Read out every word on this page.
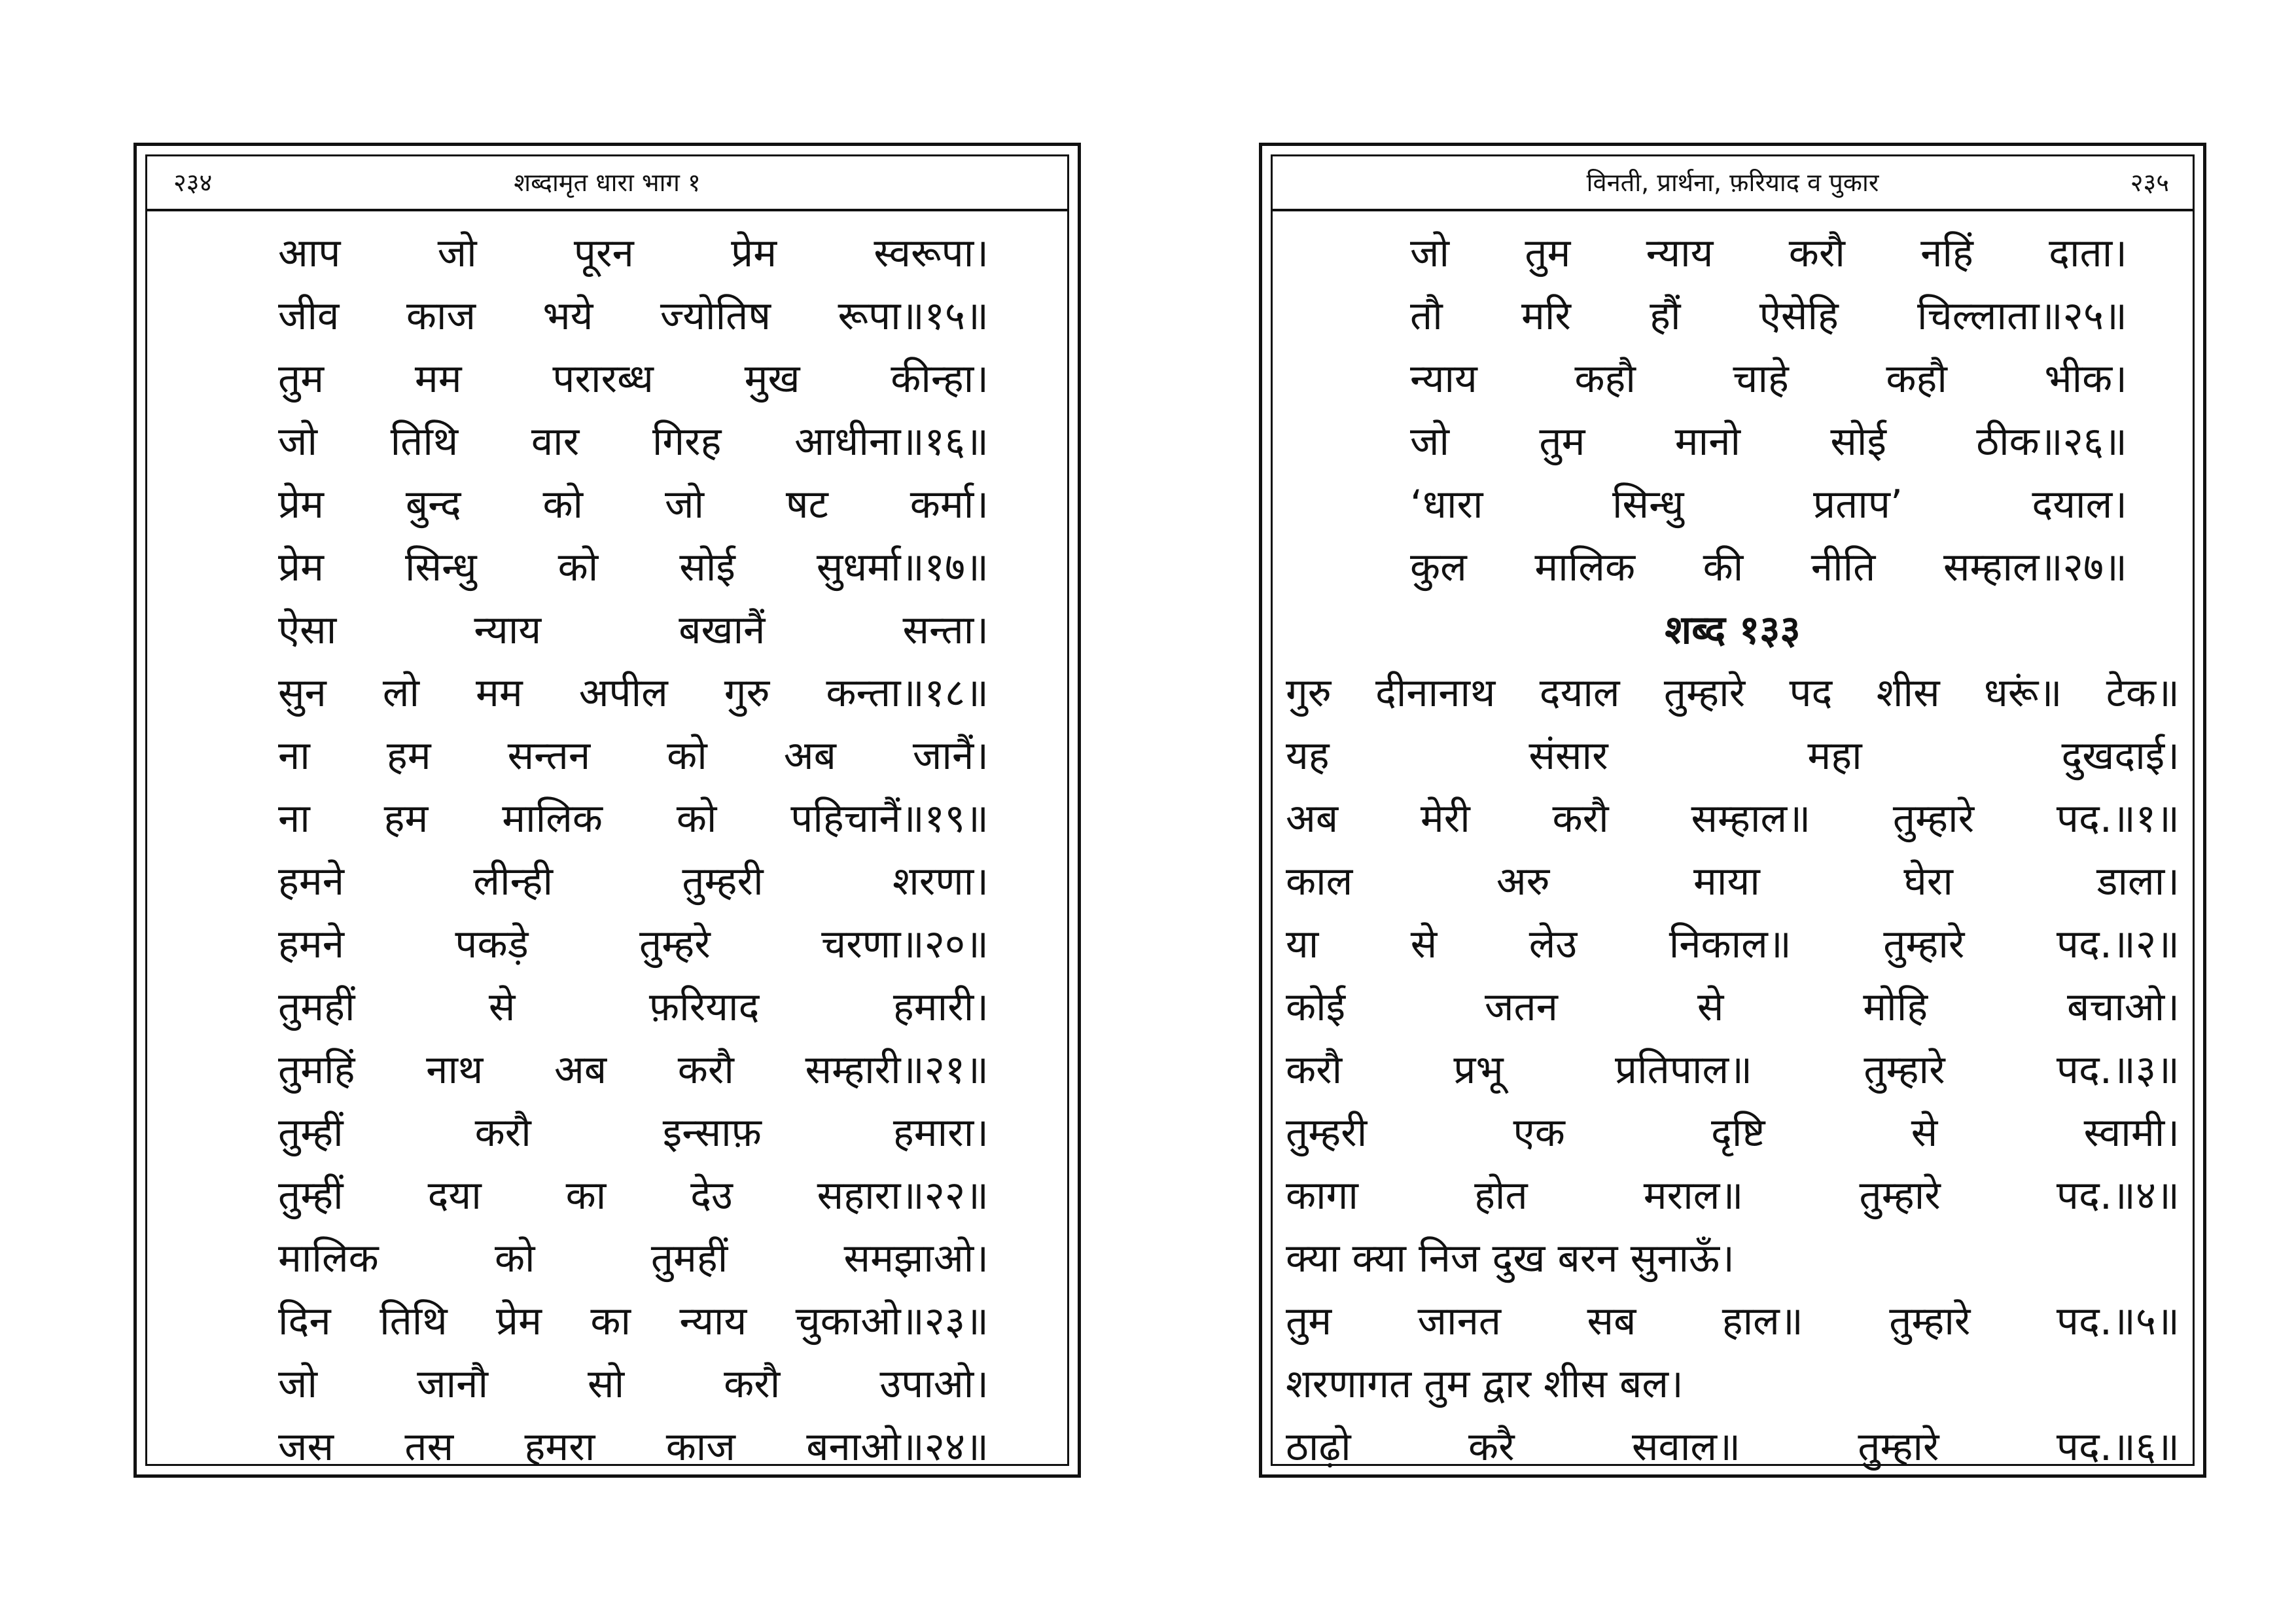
शब्दामृत धारा भाग १
२३४
आप जो पूरन प्रेम स्वरूपा।
जीव काज भये ज्योतिष रूपा॥१५॥
तुम मम परारब्ध मुख कीन्हा।
जो तिथि वार गिरह आधीना॥१६॥
प्रेम बुन्द को जो षट कर्मा।
प्रेम सिन्धु को सोई सुधर्मा॥१७॥
ऐसा न्याय बखानैं सन्ता।
सुन लो मम अपील गुरु कन्ता॥१८॥
ना हम सन्तन को अब जानैं।
ना हम मालिक को पहिचानैं॥१९॥
हमने लीन्ही तुम्हरी शरणा।
हमने पकड़े तुम्हरे चरणा॥२०॥
तुमहीं से फ़रियाद हमारी।
तुमहिं नाथ अब करौ सम्हारी॥२१॥
तुम्हीं करौ इन्साफ़ हमारा।
तुम्हीं दया का देउ सहारा॥२२॥
मालिक को तुमहीं समझाओ।
दिन तिथि प्रेम का न्याय चुकाओ॥२३॥
जो जानौ सो करौ उपाओ।
जस तस हमरा काज बनाओ॥२४॥
विनती, प्रार्थना, फ़रियाद व पुकार	२३५
जो तुम न्याय करौ नहिं दाता।
तौ मरि हौं ऐसेहि चिल्लाता॥२५॥
न्याय कहौ चाहे कहौ भीक।
जो तुम मानो सोई ठीक॥२६॥
‘धारा सिन्धु प्रताप’ दयाल।
कुल मालिक की नीति सम्हाल॥२७॥
शब्द १३३
गुरु दीनानाथ दयाल तुम्हारे पद शीस धरूं॥ टेक॥
यह संसार महा दुखदाई।
अब मेरी करौ सम्हाल॥ तुम्हारे पद.॥१॥
काल अरु माया घेरा डाला।
या से लेउ निकाल॥ तुम्हारे पद.॥२॥
कोई जतन से मोहि बचाओ।
करौ प्रभू प्रतिपाल॥ तुम्हारे पद.॥३॥
तुम्हरी एक दृष्टि से स्वामी।
कागा होत मराल॥ तुम्हारे पद.॥४॥
क्या क्या निज दुख बरन सुनाऊँ।
तुम जानत सब हाल॥ तुम्हारे पद.॥५॥
शरणागत तुम द्वार शीस बल।
ठाढ़ो करै सवाल॥ तुम्हारे पद.॥६॥
